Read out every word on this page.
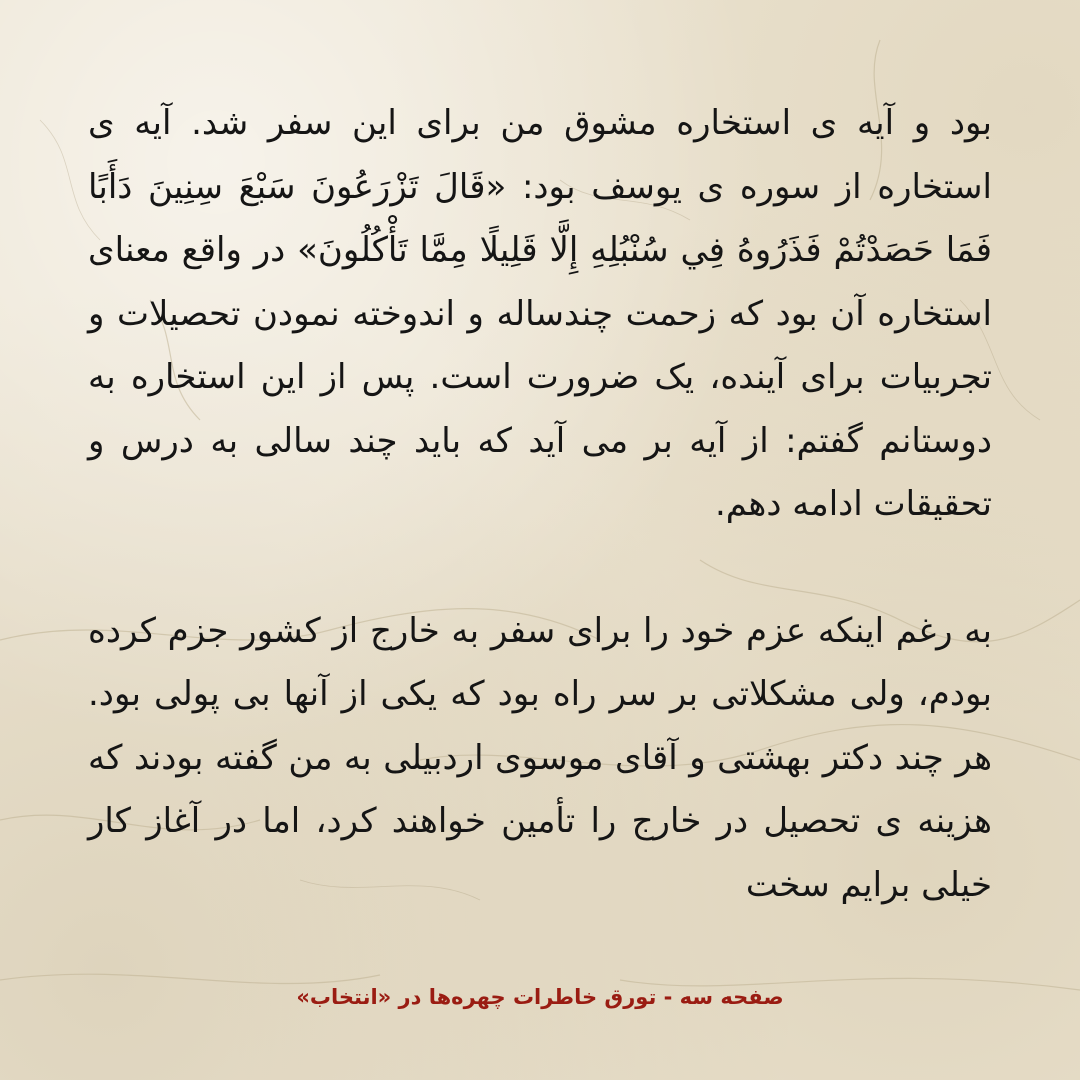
بود و آیه ی استخاره مشوق من برای این سفر شد. آیه ی استخاره از سوره ی یوسف بود: «قَالَ تَزْرَعُونَ سَبْعَ سِنِينَ دَأَبًا فَمَا حَصَدْتُمْ فَذَرُوهُ فِي سُنْبُلِهِ إِلَّا قَلِيلًا مِمَّا تَأْكُلُونَ» در واقع معنای استخاره آن بود که زحمت چندساله و اندوخته نمودن تحصیلات و تجربیات برای آینده، یک ضرورت است. پس از این استخاره به دوستانم گفتم: از آیه بر می آید که باید چند سالی به درس و تحقیقات ادامه دهم.

به رغم اینکه عزم خود را برای سفر به خارج از کشور جزم کرده بودم، ولی مشکلاتی بر سر راه بود که یکی از آنها بی پولی بود. هر چند دکتر بهشتی و آقای موسوی اردبیلی به من گفته بودند که هزینه ی تحصیل در خارج را تأمین خواهند کرد، اما در آغاز کار خیلی برایم سخت

صفحه سه - تورق خاطرات چهره‌ها در «انتخاب»
